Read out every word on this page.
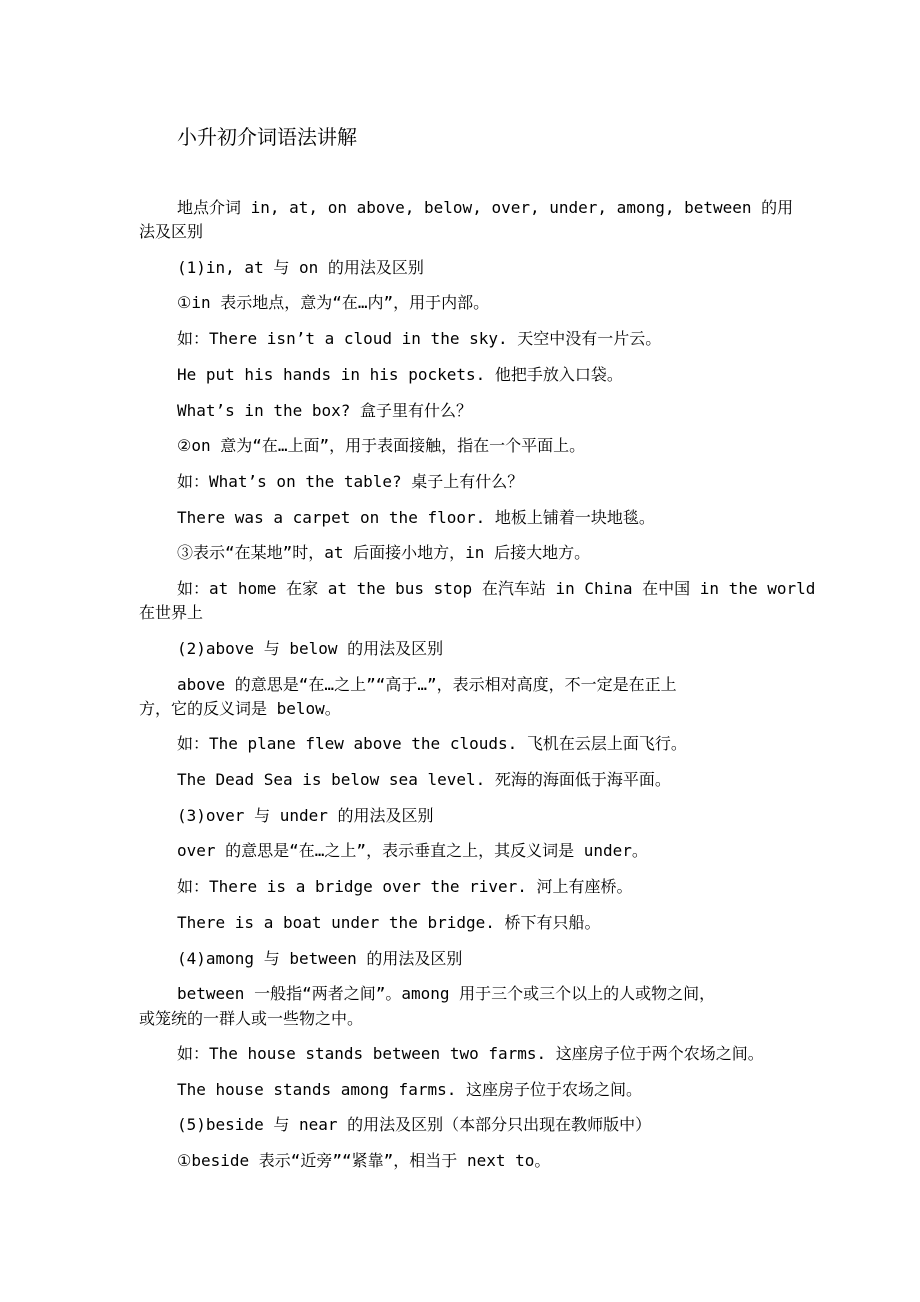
小升初介词语法讲解
地点介词 in, at, on above, below, over, under, among, between 的用
法及区别
(1)in, at 与 on 的用法及区别
①in 表示地点，意为“在…内”，用于内部。
如：There isn’t a cloud in the sky. 天空中没有一片云。
He put his hands in his pockets. 他把手放入口袋。
What’s in the box? 盒子里有什么？
②on 意为“在…上面”，用于表面接触，指在一个平面上。
如：What’s on the table? 桌子上有什么？
There was a carpet on the floor. 地板上铺着一块地毯。
③表示“在某地”时，at 后面接小地方，in 后接大地方。
如：at home 在家 at the bus stop 在汽车站 in China 在中国 in the world
在世界上
(2)above 与 below 的用法及区别
above 的意思是“在…之上”“高于…”，表示相对高度，不一定是在正上
方，它的反义词是 below。
如：The plane flew above the clouds. 飞机在云层上面飞行。
The Dead Sea is below sea level. 死海的海面低于海平面。
(3)over 与 under 的用法及区别
over 的意思是“在…之上”，表示垂直之上，其反义词是 under。
如：There is a bridge over the river. 河上有座桥。
There is a boat under the bridge. 桥下有只船。
(4)among 与 between 的用法及区别
between 一般指“两者之间”。among 用于三个或三个以上的人或物之间，
或笼统的一群人或一些物之中。
如：The house stands between two farms. 这座房子位于两个农场之间。
The house stands among farms. 这座房子位于农场之间。
(5)beside 与 near 的用法及区别（本部分只出现在教师版中）
①beside 表示“近旁”“紧靠”，相当于 next to。
